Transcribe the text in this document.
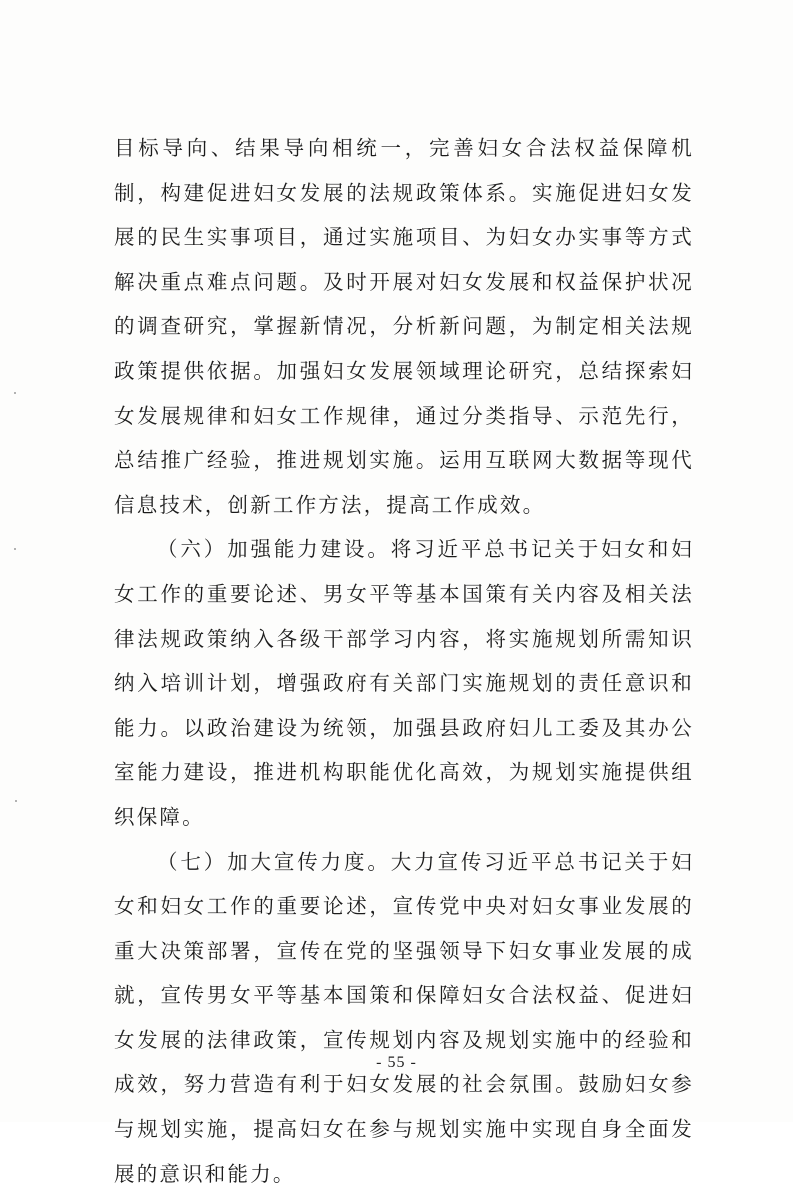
目标导向、结果导向相统一，完善妇女合法权益保障机制，构建促进妇女发展的法规政策体系。实施促进妇女发展的民生实事项目，通过实施项目、为妇女办实事等方式解决重点难点问题。及时开展对妇女发展和权益保护状况的调查研究，掌握新情况，分析新问题，为制定相关法规政策提供依据。加强妇女发展领域理论研究，总结探索妇女发展规律和妇女工作规律，通过分类指导、示范先行，总结推广经验，推进规划实施。运用互联网大数据等现代信息技术，创新工作方法，提高工作成效。

（六）加强能力建设。将习近平总书记关于妇女和妇女工作的重要论述、男女平等基本国策有关内容及相关法律法规政策纳入各级干部学习内容，将实施规划所需知识纳入培训计划，增强政府有关部门实施规划的责任意识和能力。以政治建设为统领，加强县政府妇儿工委及其办公室能力建设，推进机构职能优化高效，为规划实施提供组织保障。

（七）加大宣传力度。大力宣传习近平总书记关于妇女和妇女工作的重要论述，宣传党中央对妇女事业发展的重大决策部署，宣传在党的坚强领导下妇女事业发展的成就，宣传男女平等基本国策和保障妇女合法权益、促进妇女发展的法律政策，宣传规划内容及规划实施中的经验和成效，努力营造有利于妇女发展的社会氛围。鼓励妇女参与规划实施，提高妇女在参与规划实施中实现自身全面发展的意识和能力。

- 55 -
